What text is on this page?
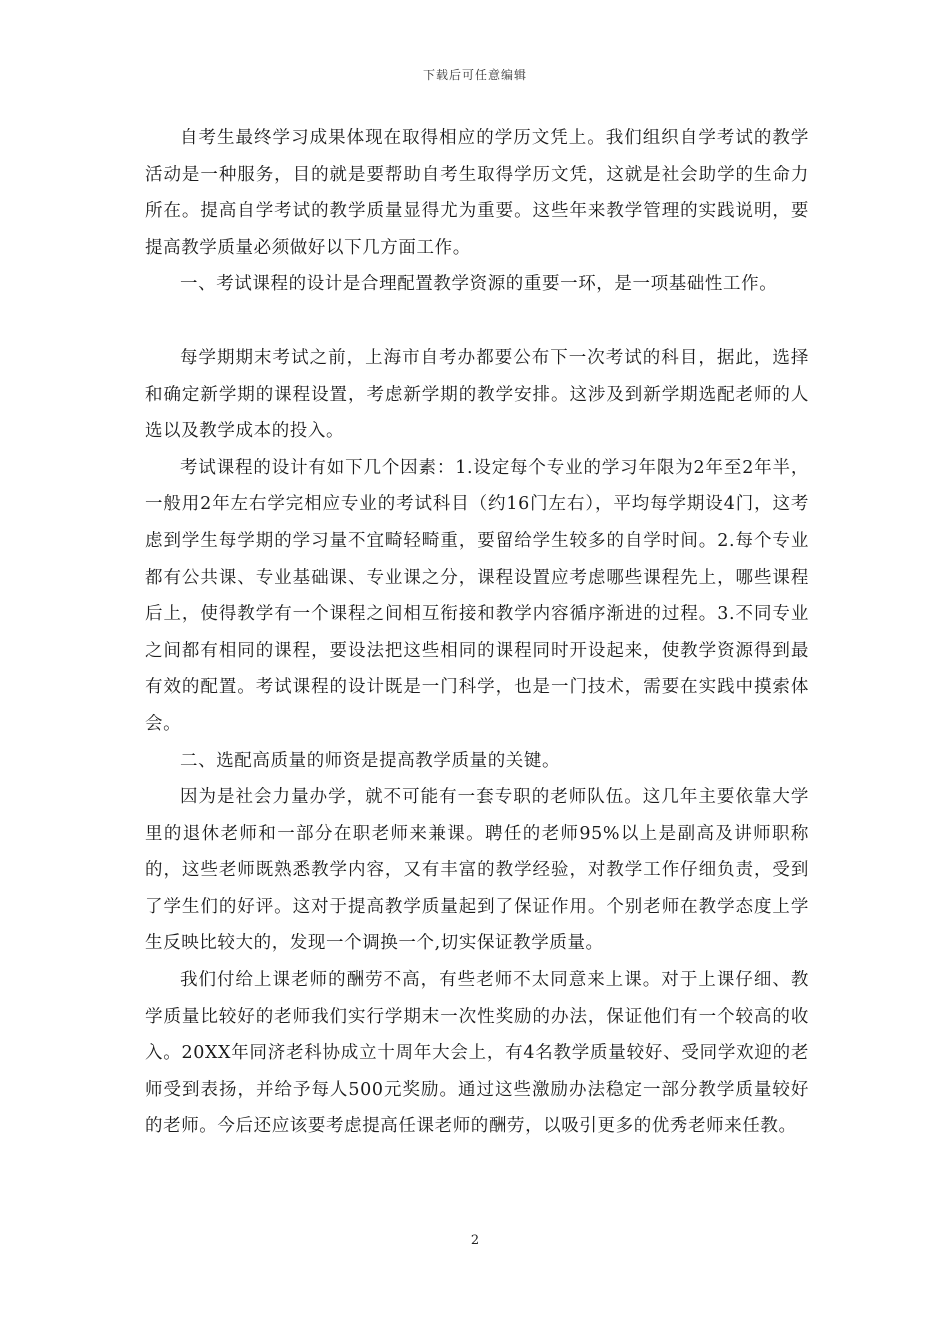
下载后可任意编辑

自考生最终学习成果体现在取得相应的学历文凭上。我们组织自学考试的教学活动是一种服务，目的就是要帮助自考生取得学历文凭，这就是社会助学的生命力所在。提高自学考试的教学质量显得尤为重要。这些年来教学管理的实践说明，要提高教学质量必须做好以下几方面工作。

一、考试课程的设计是合理配置教学资源的重要一环，是一项基础性工作。

每学期期末考试之前，上海市自考办都要公布下一次考试的科目，据此，选择和确定新学期的课程设置，考虑新学期的教学安排。这涉及到新学期选配老师的人选以及教学成本的投入。

考试课程的设计有如下几个因素：1.设定每个专业的学习年限为2年至2年半，一般用2年左右学完相应专业的考试科目（约16门左右），平均每学期设4门，这考虑到学生每学期的学习量不宜畸轻畸重，要留给学生较多的自学时间。2.每个专业都有公共课、专业基础课、专业课之分，课程设置应考虑哪些课程先上，哪些课程后上，使得教学有一个课程之间相互衔接和教学内容循序渐进的过程。3.不同专业之间都有相同的课程，要设法把这些相同的课程同时开设起来，使教学资源得到最有效的配置。考试课程的设计既是一门科学，也是一门技术，需要在实践中摸索体会。

二、选配高质量的师资是提高教学质量的关键。

因为是社会力量办学，就不可能有一套专职的老师队伍。这几年主要依靠大学里的退休老师和一部分在职老师来兼课。聘任的老师95%以上是副高及讲师职称的，这些老师既熟悉教学内容，又有丰富的教学经验，对教学工作仔细负责，受到了学生们的好评。这对于提高教学质量起到了保证作用。个别老师在教学态度上学生反映比较大的，发现一个调换一个,切实保证教学质量。

我们付给上课老师的酬劳不高，有些老师不太同意来上课。对于上课仔细、教学质量比较好的老师我们实行学期末一次性奖励的办法，保证他们有一个较高的收入。20XX年同济老科协成立十周年大会上，有4名教学质量较好、受同学欢迎的老师受到表扬，并给予每人500元奖励。通过这些激励办法稳定一部分教学质量较好的老师。今后还应该要考虑提高任课老师的酬劳，以吸引更多的优秀老师来任教。

2
